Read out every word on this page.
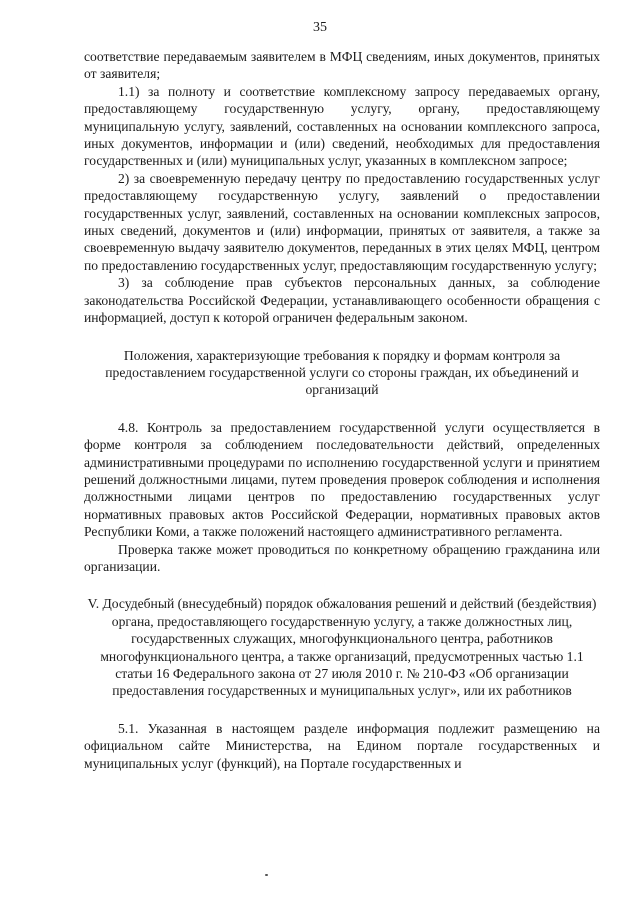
35

соответствие передаваемым заявителем в МФЦ сведениям, иных документов, принятых от заявителя;

1.1) за полноту и соответствие комплексному запросу передаваемых органу, предоставляющему государственную услугу, органу, предоставляющему муниципальную услугу, заявлений, составленных на основании комплексного запроса, иных документов, информации и (или) сведений, необходимых для предоставления государственных и (или) муниципальных услуг, указанных в комплексном запросе;

2) за своевременную передачу центру по предоставлению государственных услуг предоставляющему государственную услугу, заявлений о предоставлении государственных услуг, заявлений, составленных на основании комплексных запросов, иных сведений, документов и (или) информации, принятых от заявителя, а также за своевременную выдачу заявителю документов, переданных в этих целях МФЦ, центром по предоставлению государственных услуг, предоставляющим государственную услугу;

3) за соблюдение прав субъектов персональных данных, за соблюдение законодательства Российской Федерации, устанавливающего особенности обращения с информацией, доступ к которой ограничен федеральным законом.

Положения, характеризующие требования к порядку и формам контроля за предоставлением государственной услуги со стороны граждан, их объединений и организаций

4.8. Контроль за предоставлением государственной услуги осуществляется в форме контроля за соблюдением последовательности действий, определенных административными процедурами по исполнению государственной услуги и принятием решений должностными лицами, путем проведения проверок соблюдения и исполнения должностными лицами центров по предоставлению государственных услуг нормативных правовых актов Российской Федерации, нормативных правовых актов Республики Коми, а также положений настоящего административного регламента.

Проверка также может проводиться по конкретному обращению гражданина или организации.

V. Досудебный (внесудебный) порядок обжалования решений и действий (бездействия) органа, предоставляющего государственную услугу, а также должностных лиц, государственных служащих, многофункционального центра, работников многофункционального центра, а также организаций, предусмотренных частью 1.1 статьи 16 Федерального закона от 27 июля 2010 г. № 210-ФЗ «Об организации предоставления государственных и муниципальных услуг», или их работников

5.1. Указанная в настоящем разделе информация подлежит размещению на официальном сайте Министерства, на Едином портале государственных и муниципальных услуг (функций), на Портале государственных и
